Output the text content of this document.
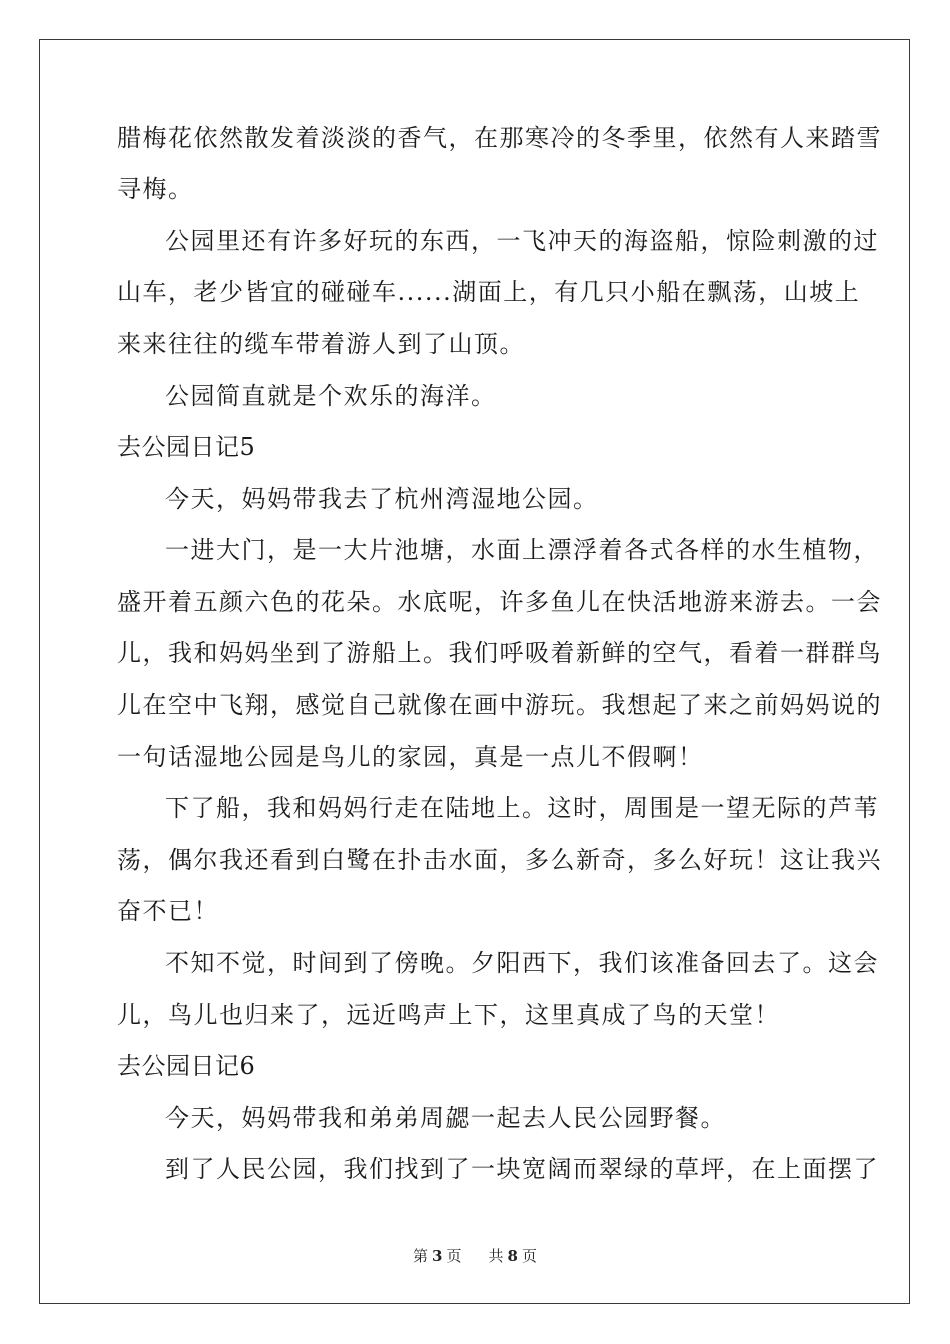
腊梅花依然散发着淡淡的香气，在那寒冷的冬季里，依然有人来踏雪
寻梅。
公园里还有许多好玩的东西，一飞冲天的海盗船，惊险刺激的过
山车，老少皆宜的碰碰车......湖面上，有几只小船在飘荡，山坡上
来来往往的缆车带着游人到了山顶。
公园简直就是个欢乐的海洋。
去公园日记5
今天，妈妈带我去了杭州湾湿地公园。
一进大门，是一大片池塘，水面上漂浮着各式各样的水生植物，
盛开着五颜六色的花朵。水底呢，许多鱼儿在快活地游来游去。一会
儿，我和妈妈坐到了游船上。我们呼吸着新鲜的空气，看着一群群鸟
儿在空中飞翔，感觉自己就像在画中游玩。我想起了来之前妈妈说的
一句话湿地公园是鸟儿的家园，真是一点儿不假啊！
下了船，我和妈妈行走在陆地上。这时，周围是一望无际的芦苇
荡，偶尔我还看到白鹭在扑击水面，多么新奇，多么好玩！这让我兴
奋不已！
不知不觉，时间到了傍晚。夕阳西下，我们该准备回去了。这会
儿，鸟儿也归来了，远近鸣声上下，这里真成了鸟的天堂！
去公园日记6
今天，妈妈带我和弟弟周勰一起去人民公园野餐。
到了人民公园，我们找到了一块宽阔而翠绿的草坪，在上面摆了
第 3 页 共 8 页
